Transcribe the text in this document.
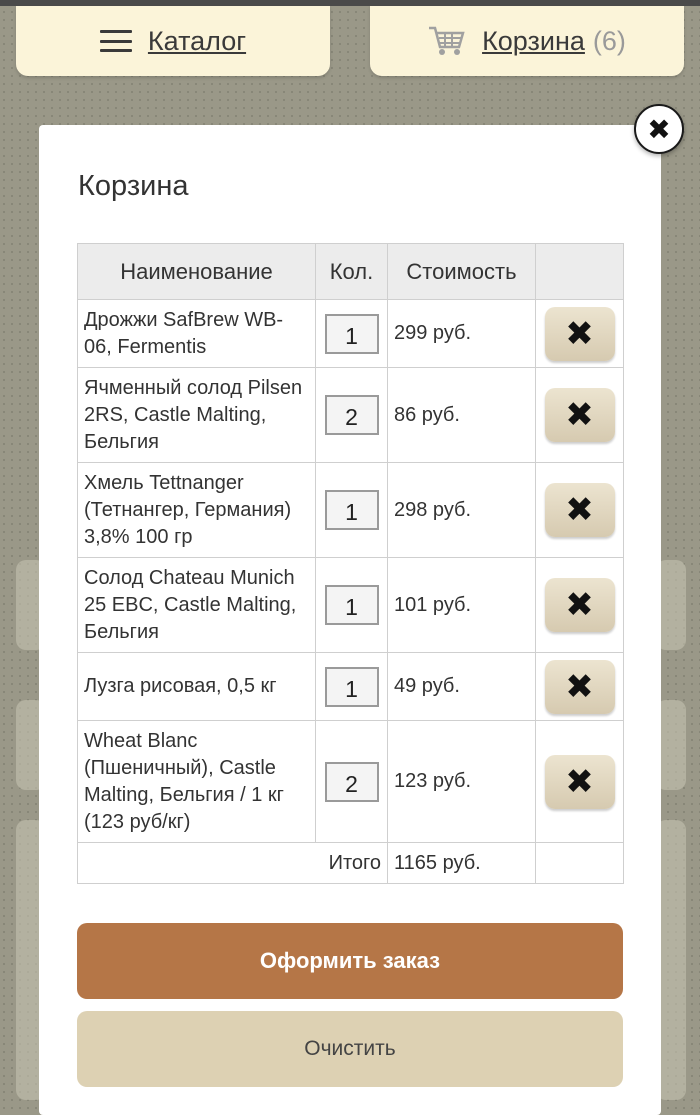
Каталог	Корзина (6)
✖
Корзина
Наименование	Кол.	Стоимость	
Дрожжи SafBrew WB-06, Fermentis	1	299 руб.	✖

Ячменный солод Pilsen 2RS, Castle Malting, Бельгия	2	86 руб.	✖

Хмель Tettnanger (Тетнангер, Германия) 3,8% 100 гр	1	298 руб.	✖

Солод Chateau Munich 25 EBC, Castle Malting, Бельгия	1	101 руб.	✖

Лузга рисовая, 0,5 кг	1	49 руб.	✖

Wheat Blanc (Пшеничный), Castle Malting, Бельгия / 1 кг (123 руб/кг)	2	123 руб.	✖

Итого		1165 руб.	
Оформить заказ
Очистить
